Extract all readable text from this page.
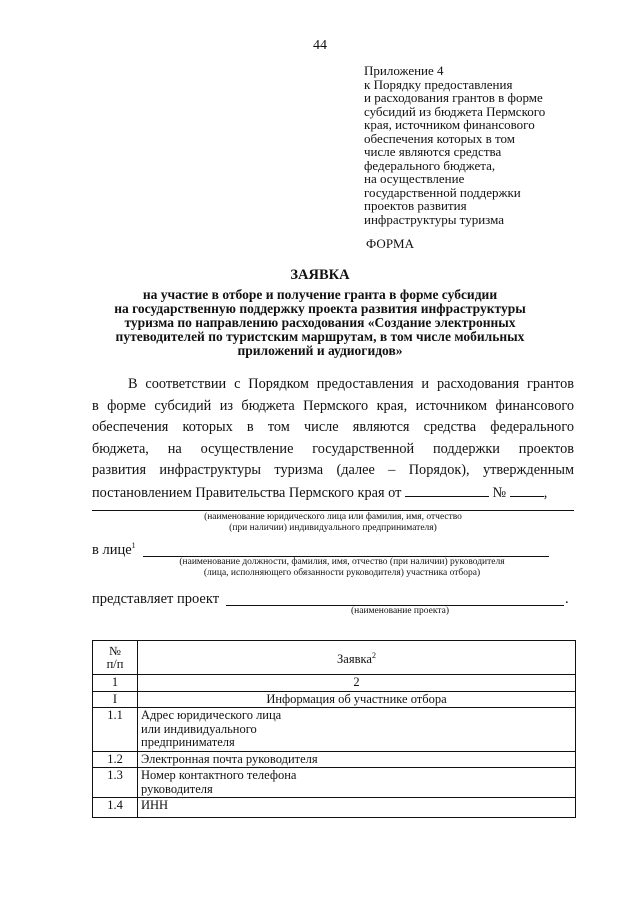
44
Приложение 4
к Порядку предоставления
и расходования грантов в форме
субсидий из бюджета Пермского
края, источником финансового
обеспечения которых в том
числе являются средства
федерального бюджета,
на осуществление
государственной поддержки
проектов развития
инфраструктуры туризма
ФОРМА
ЗАЯВКА
на участие в отборе и получение гранта в форме субсидии
на государственную поддержку проекта развития инфраструктуры
туризма по направлению расходования «Создание электронных
путеводителей по туристским маршрутам, в том числе мобильных
приложений и аудиогидов»
В соответствии с Порядком предоставления и расходования грантов
в форме субсидий из бюджета Пермского края, источником финансового
обеспечения которых в том числе являются средства федерального
бюджета, на осуществление государственной поддержки проектов
развития инфраструктуры туризма (далее – Порядок), утвержденным
постановлением Правительства Пермского края от	№	,
(наименование юридического лица или фамилия, имя, отчество
(при наличии) индивидуального предпринимателя)
в лице$^1$
(наименование должности, фамилия, имя, отчество (при наличии) руководителя
(лица, исполняющего обязанности руководителя) участника отбора)
представляет проект	.
(наименование проекта)
№
п/п	Заявка$^2$
1	2
I	Информация об участнике отбора
1.1	Адрес юридического лица
или индивидуального
предпринимателя
1.2	Электронная почта руководителя
1.3	Номер контактного телефона
руководителя
1.4	ИНН
